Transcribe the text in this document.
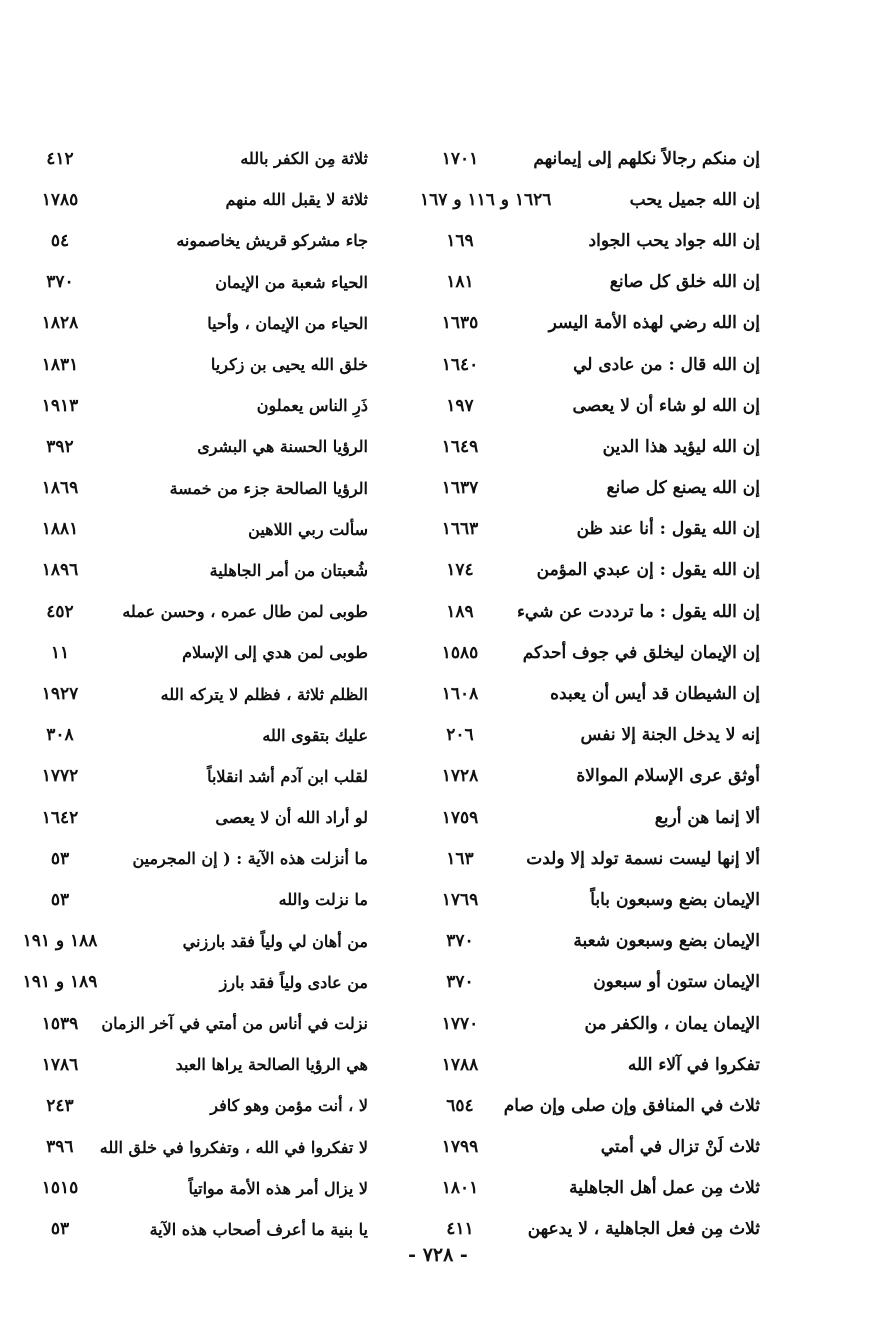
إن منكم رجالاً نكلهم إلى إيمانهم
١٧٠١
إن الله جميل يحب
١٦٢٦ و ١١٦ و ١٦٧
إن الله جواد يحب الجواد
١٦٩
إن الله خلق كل صانع
١٨١
إن الله رضي لهذه الأمة اليسر
١٦٣٥
إن الله قال : من عادى لي
١٦٤٠
إن الله لو شاء أن لا يعصى
١٩٧
إن الله ليؤيد هذا الدين
١٦٤٩
إن الله يصنع كل صانع
١٦٣٧
إن الله يقول : أنا عند ظن
١٦٦٣
إن الله يقول : إن عبدي المؤمن
١٧٤
إن الله يقول : ما ترددت عن شيء
١٨٩
إن الإيمان ليخلق في جوف أحدكم
١٥٨٥
إن الشيطان قد أيس أن يعبده
١٦٠٨
إنه لا يدخل الجنة إلا نفس
٢٠٦
أوثق عرى الإسلام الموالاة
١٧٢٨
ألا إنما هن أربع
١٧٥٩
ألا إنها ليست نسمة تولد إلا ولدت
١٦٣
الإيمان بضع وسبعون باباً
١٧٦٩
الإيمان بضع وسبعون شعبة
٣٧٠
الإيمان ستون أو سبعون
٣٧٠
الإيمان يمان ، والكفر من
١٧٧٠
تفكروا في آلاء الله
١٧٨٨
ثلاث في المنافق وإن صلى وإن صام
٦٥٤
ثلاث لَنْ تزال في أمتي
١٧٩٩
ثلاث مِن عمل أهل الجاهلية
١٨٠١
ثلاث مِن فعل الجاهلية ، لا يدعهن
٤١١
ثلاثة مِن الكفر بالله
٤١٢
ثلاثة لا يقبل الله منهم
١٧٨٥
جاء مشركو قريش يخاصمونه
٥٤
الحياء شعبة من الإيمان
٣٧٠
الحياء من الإيمان ، وأحيا
١٨٢٨
خلق الله يحيى بن زكريا
١٨٣١
ذَرِ الناس يعملون
١٩١٣
الرؤيا الحسنة هي البشرى
٣٩٢
الرؤيا الصالحة جزء من خمسة
١٨٦٩
سألت ربي اللاهين
١٨٨١
شُعبتان من أمر الجاهلية
١٨٩٦
طوبى لمن طال عمره ، وحسن عمله
٤٥٢
طوبى لمن هدي إلى الإسلام
١١
الظلم ثلاثة ، فظلم لا يتركه الله
١٩٢٧
عليك بتقوى الله
٣٠٨
لقلب ابن آدم أشد انقلاباً
١٧٧٢
لو أراد الله أن لا يعصى
١٦٤٢
ما أنزلت هذه الآية : ( إن المجرمين
٥٣
ما نزلت والله
٥٣
من أهان لي ولياً فقد بارزني
١٨٨ و ١٩١
من عادى ولياً فقد بارز
١٨٩ و ١٩١
نزلت في أناس من أمتي في آخر الزمان
١٥٣٩
هي الرؤيا الصالحة يراها العبد
١٧٨٦
لا ، أنت مؤمن وهو كافر
٢٤٣
لا تفكروا في الله ، وتفكروا في خلق الله
٣٩٦
لا يزال أمر هذه الأمة مواتياً
١٥١٥
يا بنية ما أعرف أصحاب هذه الآية
٥٣
- ٧٢٨ -
